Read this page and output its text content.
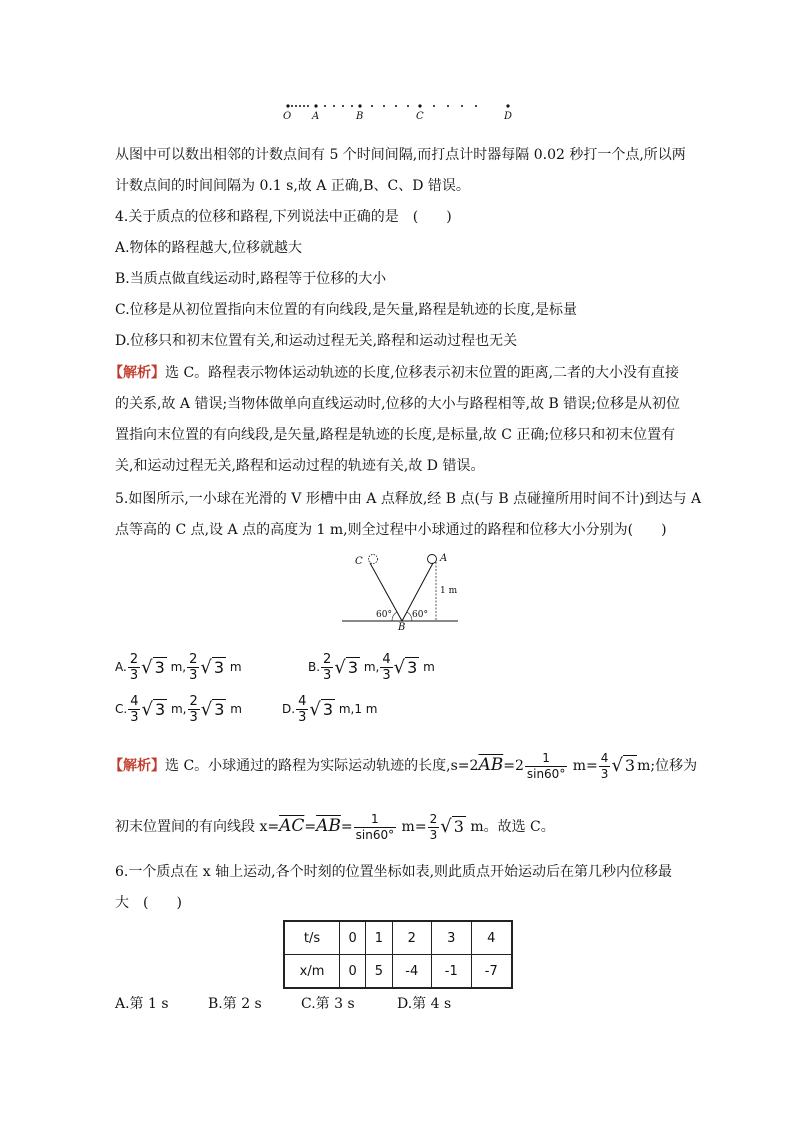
O A	B	C	D
从图中可以数出相邻的计数点间有 5 个时间间隔,而打点计时器每隔 0.02 秒打一个点,所以两
计数点间的时间间隔为 0.1 s,故 A 正确,B、C、D 错误。
4.关于质点的位移和路程,下列说法中正确的是　(　　)
A.物体的路程越大,位移就越大
B.当质点做直线运动时,路程等于位移的大小
C.位移是从初位置指向末位置的有向线段,是矢量,路程是轨迹的长度,是标量
D.位移只和初末位置有关,和运动过程无关,路程和运动过程也无关
【解析】选 C。路程表示物体运动轨迹的长度,位移表示初末位置的距离,二者的大小没有直接
的关系,故 A 错误;当物体做单向直线运动时,位移的大小与路程相等,故 B 错误;位移是从初位
置指向末位置的有向线段,是矢量,路程是轨迹的长度,是标量,故 C 正确;位移只和初末位置有
关,和运动过程无关,路程和运动过程的轨迹有关,故 D 错误。
5.如图所示,一小球在光滑的 V 形槽中由 A 点释放,经 B 点(与 B 点碰撞所用时间不计)到达与 A
点等高的 C 点,设 A 点的高度为 1 m,则全过程中小球通过的路程和位移大小分别为(　　)
C	A
B
1 m
60° 60°
A. $\frac{2}{3}$ √ 3 m, $\frac{2}{3}$ √ 3 m	B. $\frac{2}{3}$ √ 3 m, $\frac{4}{3}$ √ 3 m
C. $\frac{4}{3}$ √ 3 m, $\frac{2}{3}$ √ 3 m	D. $\frac{4}{3}$ √ 3 m,1 m
【解析】选 C。小球通过的路程为实际运动轨迹的长度$,s=2\overline{AB}=2 \frac{1}{\sin 60^\circ} m= \frac{4}{3}$ √ 3 m;位移为
初末位置间的有向线段 $x=\overline{AC}=\overline{AB}= \frac{1}{\sin 60^\circ} m= \frac{2}{3}$ √ 3 m。故选 C。
6.一个质点在 x 轴上运动,各个时刻的位置坐标如表,则此质点开始运动后在第几秒内位移最
大　(　　)
t/s	0	1	2	3	4
x/m	0	5	-4	-1	-7
A.第 1 s	B.第 2 s	C.第 3 s	D.第 4 s
